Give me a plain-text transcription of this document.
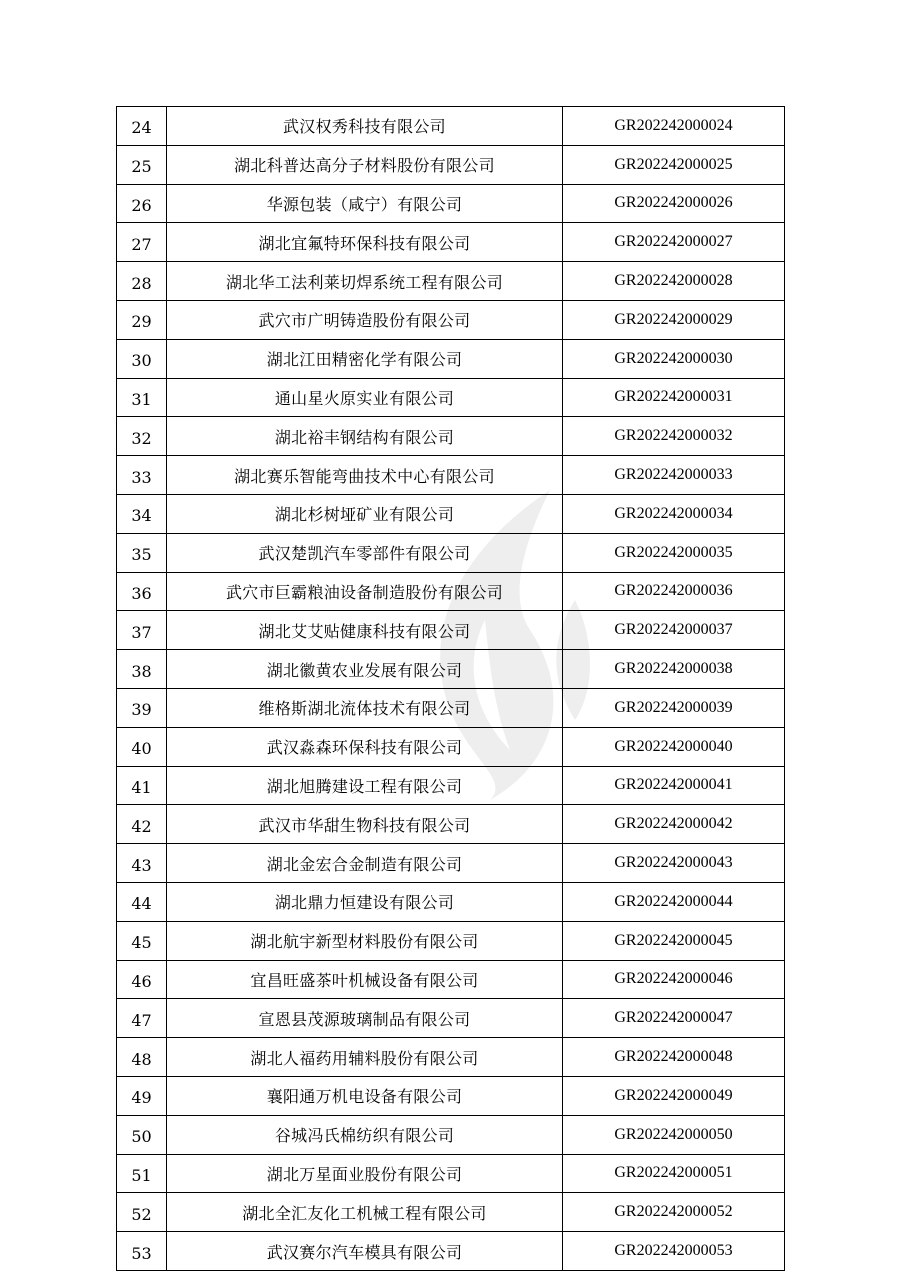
24	武汉权秀科技有限公司	GR202242000024
25	湖北科普达高分子材料股份有限公司	GR202242000025
26	华源包装（咸宁）有限公司	GR202242000026
27	湖北宜氟特环保科技有限公司	GR202242000027
28	湖北华工法利莱切焊系统工程有限公司	GR202242000028
29	武穴市广明铸造股份有限公司	GR202242000029
30	湖北江田精密化学有限公司	GR202242000030
31	通山星火原实业有限公司	GR202242000031
32	湖北裕丰钢结构有限公司	GR202242000032
33	湖北赛乐智能弯曲技术中心有限公司	GR202242000033
34	湖北杉树垭矿业有限公司	GR202242000034
35	武汉楚凯汽车零部件有限公司	GR202242000035
36	武穴市巨霸粮油设备制造股份有限公司	GR202242000036
37	湖北艾艾贴健康科技有限公司	GR202242000037
38	湖北徽黄农业发展有限公司	GR202242000038
39	维格斯湖北流体技术有限公司	GR202242000039
40	武汉淼森环保科技有限公司	GR202242000040
41	湖北旭腾建设工程有限公司	GR202242000041
42	武汉市华甜生物科技有限公司	GR202242000042
43	湖北金宏合金制造有限公司	GR202242000043
44	湖北鼎力恒建设有限公司	GR202242000044
45	湖北航宇新型材料股份有限公司	GR202242000045
46	宜昌旺盛茶叶机械设备有限公司	GR202242000046
47	宣恩县茂源玻璃制品有限公司	GR202242000047
48	湖北人福药用辅料股份有限公司	GR202242000048
49	襄阳通万机电设备有限公司	GR202242000049
50	谷城冯氏棉纺织有限公司	GR202242000050
51	湖北万星面业股份有限公司	GR202242000051
52	湖北全汇友化工机械工程有限公司	GR202242000052
53	武汉赛尔汽车模具有限公司	GR202242000053
